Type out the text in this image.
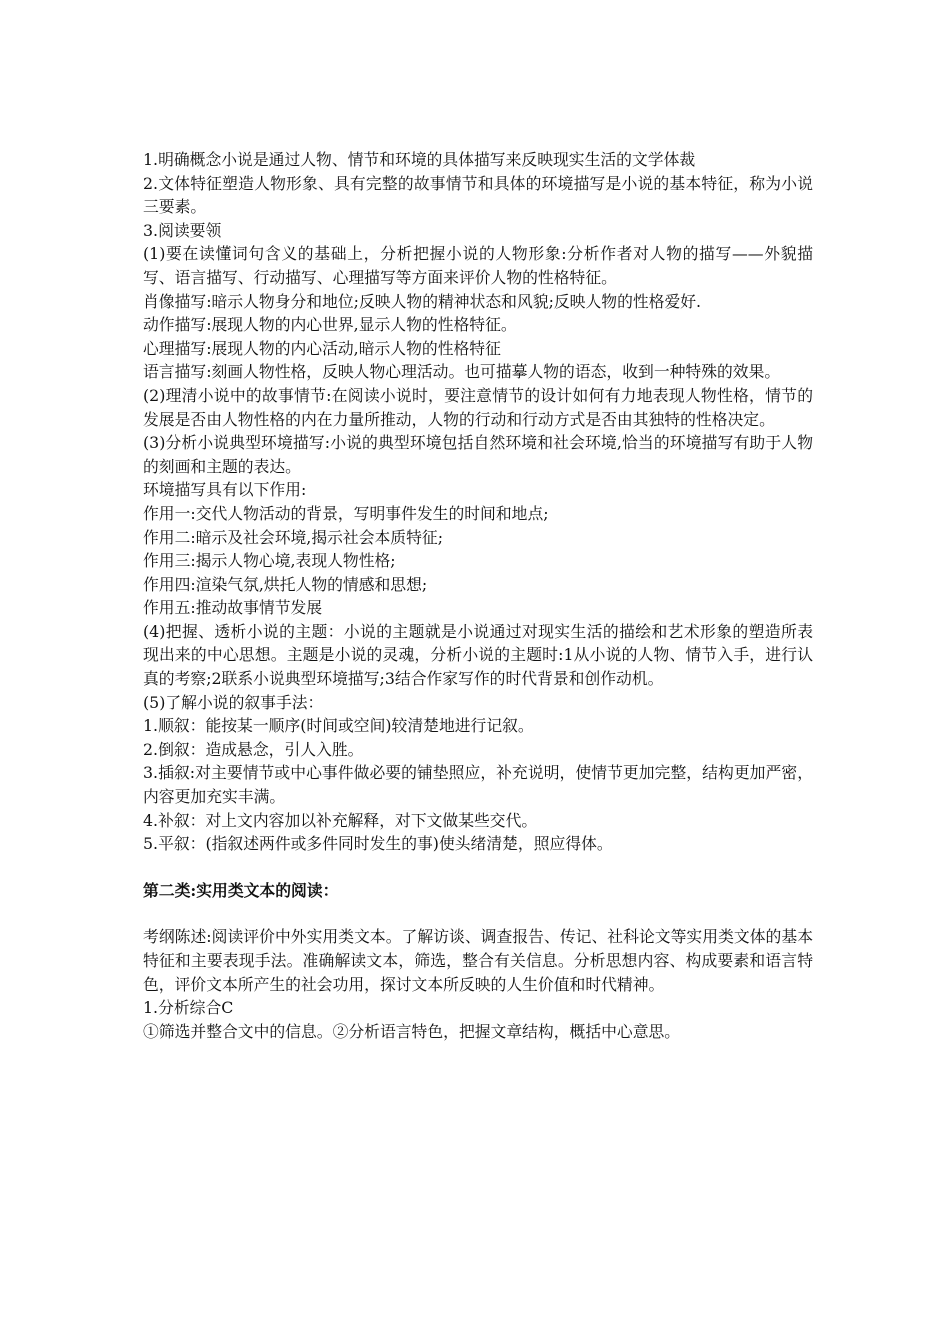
1.明确概念小说是通过人物、情节和环境的具体描写来反映现实生活的文学体裁

2.文体特征塑造人物形象、具有完整的故事情节和具体的环境描写是小说的基本特征，称为小说三要素。

3.阅读要领

(1)要在读懂词句含义的基础上，分析把握小说的人物形象:分析作者对人物的描写——外貌描写、语言描写、行动描写、心理描写等方面来评价人物的性格特征。

肖像描写:暗示人物身分和地位;反映人物的精神状态和风貌;反映人物的性格爱好.

动作描写:展现人物的内心世界,显示人物的性格特征。

心理描写:展现人物的内心活动,暗示人物的性格特征

语言描写:刻画人物性格，反映人物心理活动。也可描摹人物的语态，收到一种特殊的效果。

(2)理清小说中的故事情节:在阅读小说时，要注意情节的设计如何有力地表现人物性格，情节的发展是否由人物性格的内在力量所推动，人物的行动和行动方式是否由其独特的性格决定。

(3)分析小说典型环境描写:小说的典型环境包括自然环境和社会环境,恰当的环境描写有助于人物的刻画和主题的表达。

环境描写具有以下作用:

作用一:交代人物活动的背景，写明事件发生的时间和地点;

作用二:暗示及社会环境,揭示社会本质特征;

作用三:揭示人物心境,表现人物性格;

作用四:渲染气氛,烘托人物的情感和思想;

作用五:推动故事情节发展

(4)把握、透析小说的主题：小说的主题就是小说通过对现实生活的描绘和艺术形象的塑造所表现出来的中心思想。主题是小说的灵魂，分析小说的主题时:1从小说的人物、情节入手，进行认真的考察;2联系小说典型环境描写;3结合作家写作的时代背景和创作动机。

(5)了解小说的叙事手法：

1.顺叙：能按某一顺序(时间或空间)较清楚地进行记叙。

2.倒叙：造成悬念，引人入胜。

3.插叙:对主要情节或中心事件做必要的铺垫照应，补充说明，使情节更加完整，结构更加严密，内容更加充实丰满。

4.补叙：对上文内容加以补充解释，对下文做某些交代。

5.平叙：(指叙述两件或多件同时发生的事)使头绪清楚，照应得体。

第二类:实用类文本的阅读：

考纲陈述:阅读评价中外实用类文本。了解访谈、调查报告、传记、社科论文等实用类文体的基本特征和主要表现手法。准确解读文本，筛选，整合有关信息。分析思想内容、构成要素和语言特色，评价文本所产生的社会功用，探讨文本所反映的人生价值和时代精神。

1.分析综合C

①筛选并整合文中的信息。②分析语言特色，把握文章结构，概括中心意思。
